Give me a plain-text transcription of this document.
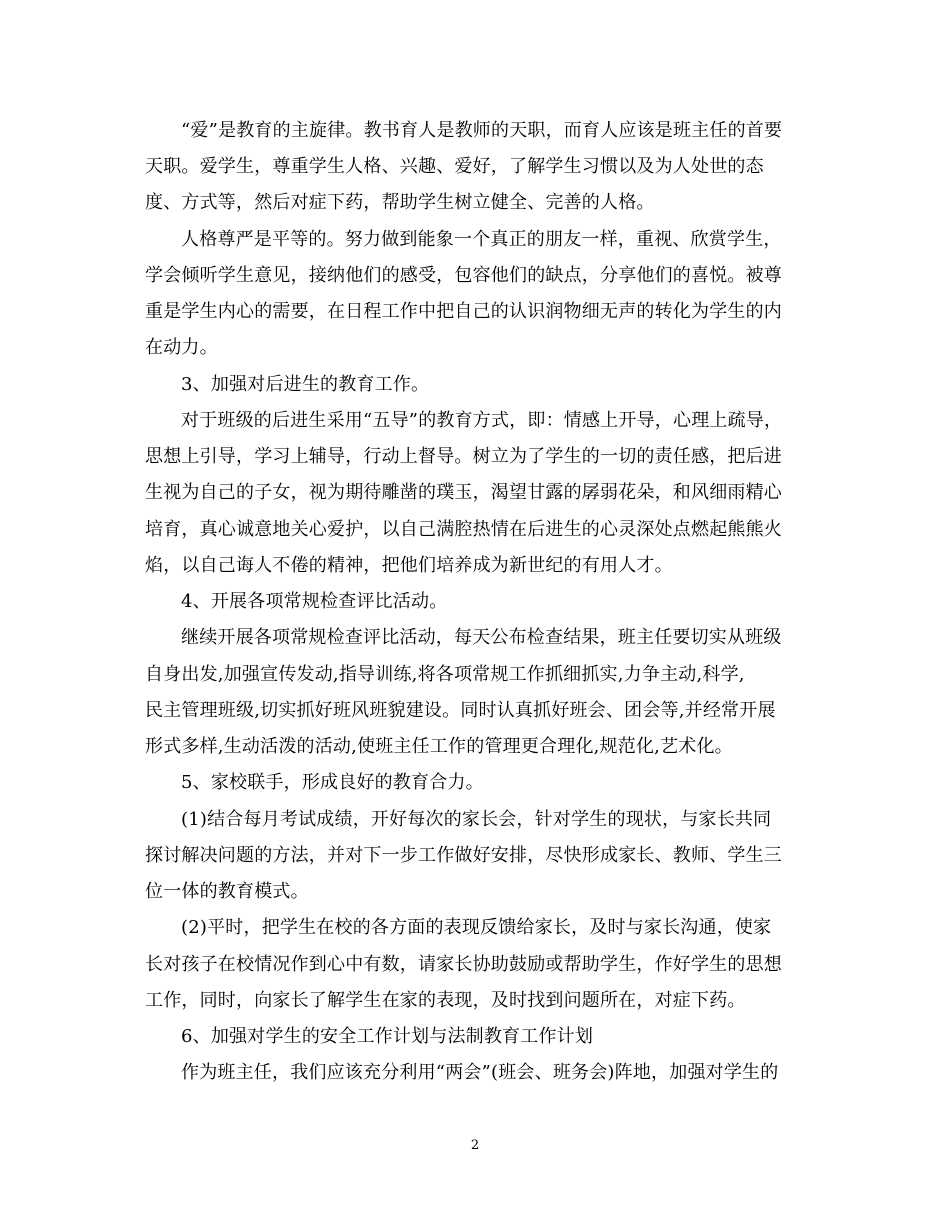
“爱”是教育的主旋律。教书育人是教师的天职，而育人应该是班主任的首要
天职。爱学生，尊重学生人格、兴趣、爱好，了解学生习惯以及为人处世的态
度、方式等，然后对症下药，帮助学生树立健全、完善的人格。
人格尊严是平等的。努力做到能象一个真正的朋友一样，重视、欣赏学生，
学会倾听学生意见，接纳他们的感受，包容他们的缺点，分享他们的喜悦。被尊
重是学生内心的需要，在日程工作中把自己的认识润物细无声的转化为学生的内
在动力。
3、加强对后进生的教育工作。
对于班级的后进生采用“五导”的教育方式，即：情感上开导，心理上疏导，
思想上引导，学习上辅导，行动上督导。树立为了学生的一切的责任感，把后进
生视为自己的子女，视为期待雕凿的璞玉，渴望甘露的孱弱花朵，和风细雨精心
培育，真心诚意地关心爱护，以自己满腔热情在后进生的心灵深处点燃起熊熊火
焰，以自己诲人不倦的精神，把他们培养成为新世纪的有用人才。
4、开展各项常规检查评比活动。
继续开展各项常规检查评比活动，每天公布检查结果，班主任要切实从班级
自身出发,加强宣传发动,指导训练,将各项常规工作抓细抓实,力争主动,科学,
民主管理班级,切实抓好班风班貌建设。同时认真抓好班会、团会等,并经常开展
形式多样,生动活泼的活动,使班主任工作的管理更合理化,规范化,艺术化。
5、家校联手，形成良好的教育合力。
(1)结合每月考试成绩，开好每次的家长会，针对学生的现状，与家长共同
探讨解决问题的方法，并对下一步工作做好安排，尽快形成家长、教师、学生三
位一体的教育模式。
(2)平时，把学生在校的各方面的表现反馈给家长，及时与家长沟通，使家
长对孩子在校情况作到心中有数，请家长协助鼓励或帮助学生，作好学生的思想
工作，同时，向家长了解学生在家的表现，及时找到问题所在，对症下药。
6、加强对学生的安全工作计划与法制教育工作计划
作为班主任，我们应该充分利用“两会”(班会、班务会)阵地，加强对学生的
2
